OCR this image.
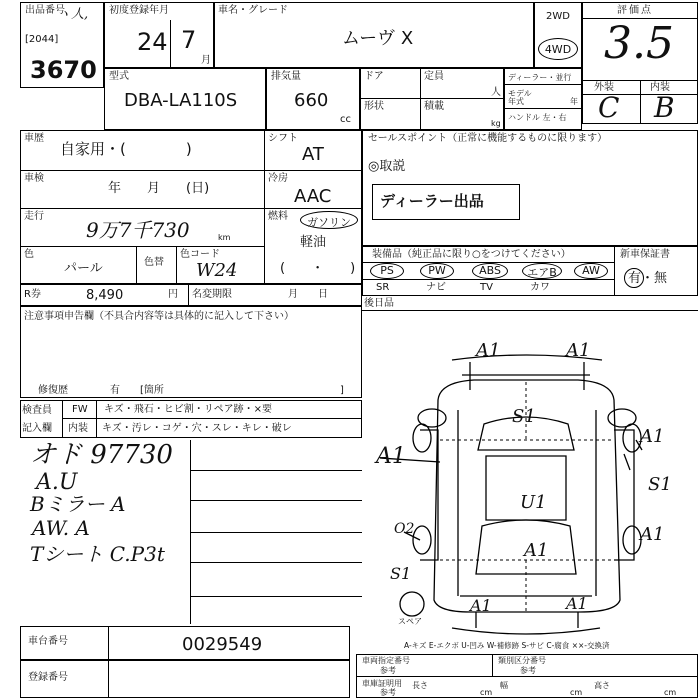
出品番号
ヽ人,
[2044]
3670
初度登録年月
24 7
月
車名・グレード
ムーヴ X
2WD
4WD
評価点
3.5
外装	内装
C B
型式
DBA-LA110S
排気量
660
cc
ドア	定員
人
形状	積載
kg
ディーラー・並行
モデル年式	年
ハンドル 左・右
車歴
自家用・(　　　　)
シフト
AT
車検
年　　月　　(日)
冷房
AAC
走行
9万7千730	km
燃料	ガソリン
軽油
(　　・　　)
色
パール	色替
色コード
W24
R券	8,490	円 名変期限	月　　日
セールスポイント（正常に機能するものに限ります）
◎取説
ディーラー出品
装備品（純正品に限り○をつけてください）	新車保証書
有・無
PS	PW	ABS	エアB	AW
SR	ナビ	TV	カワ
後日品
注意事項申告欄（不具合内容等は具体的に記入して下さい）
修復歴	有　　[箇所	]
検査員
記入欄
FW キズ・飛石・ヒビ割・リペア跡・×要
内装 キズ・汚レ・コゲ・穴・スレ・キレ・破レ
オド 97730
A.U
Bミラー A
AW. A
Tシート C.P3t
A1	A1
S1
A1
A1
S1
A1
U1
O2
A1
S1
A1	A1
スペア
A-キズ E-エクボ U-凹み W-補修跡 S-サビ C-腐食 ××-交換済
車台番号	0029549
登録番号
車両指定番号
参考
類別区分番号
参考
車庫証明用
参考
長さ
cm
幅
cm
高さ
cm
